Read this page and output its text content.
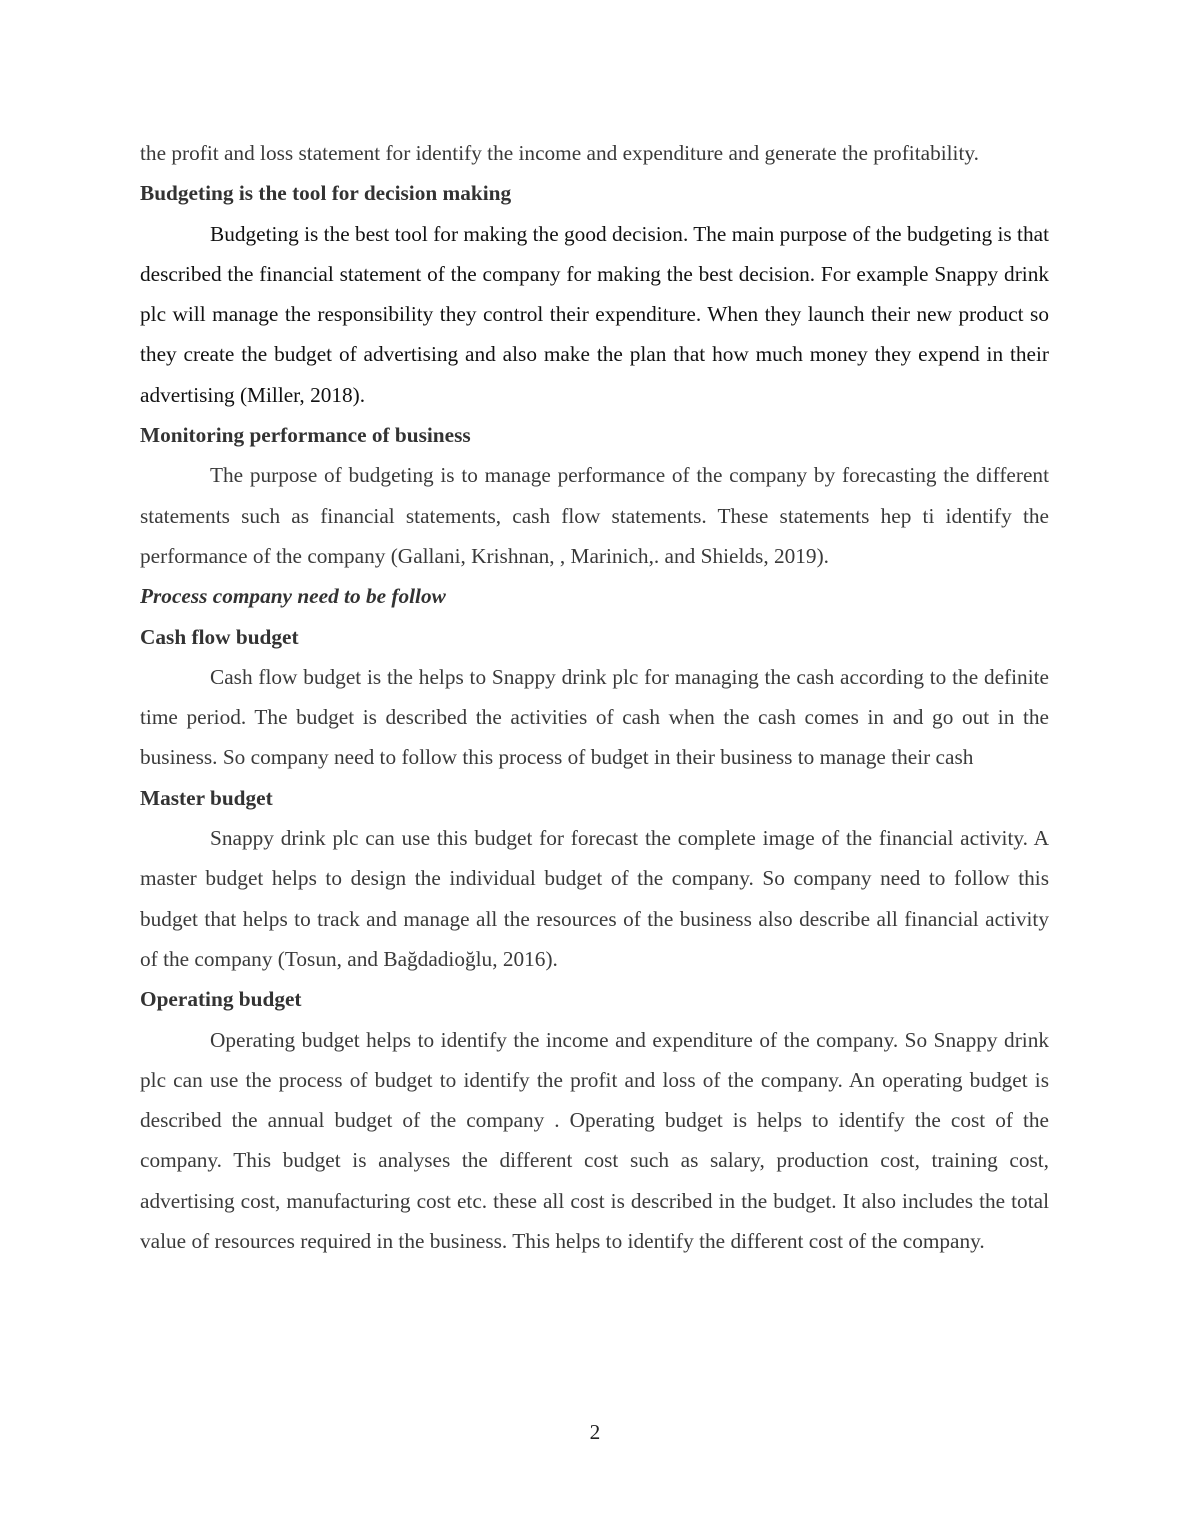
the profit and loss statement for identify the income and expenditure and generate the profitability.

Budgeting is the tool for decision making

Budgeting is the best tool for making the good decision. The main purpose of the budgeting is that described the financial statement of the company for making the best decision. For example Snappy drink plc will manage the responsibility they control their expenditure. When they launch their new product so they create the budget of advertising and also make the plan that how much money they expend in their advertising (Miller, 2018).

Monitoring performance of business

The purpose of budgeting is to manage performance of the company by forecasting the different statements such as financial statements, cash flow statements. These statements hep ti identify the performance of the company (Gallani, Krishnan, , Marinich,. and Shields, 2019).

Process company need to be follow
Cash flow budget

Cash flow budget is the helps to Snappy drink plc for managing the cash according to the definite time period. The budget is described the activities of cash when the cash comes in and go out in the business. So company need to follow this process of budget in their business to manage their cash

Master budget

Snappy drink plc can use this budget for forecast the complete image of the financial activity. A master budget helps to design the individual budget of the company. So company need to follow this budget that helps to track and manage all the resources of the business also describe all financial activity of the company (Tosun, and Bağdadioğlu, 2016).

Operating budget

Operating budget helps to identify the income and expenditure of the company. So Snappy drink plc can use the process of budget to identify the profit and loss of the company. An operating budget is described the annual budget of the company . Operating budget is helps to identify the cost of the company. This budget is analyses the different cost such as salary, production cost, training cost, advertising cost, manufacturing cost etc. these all cost is described in the budget. It also includes the total value of resources required in the business. This helps to identify the different cost of the company.

2
